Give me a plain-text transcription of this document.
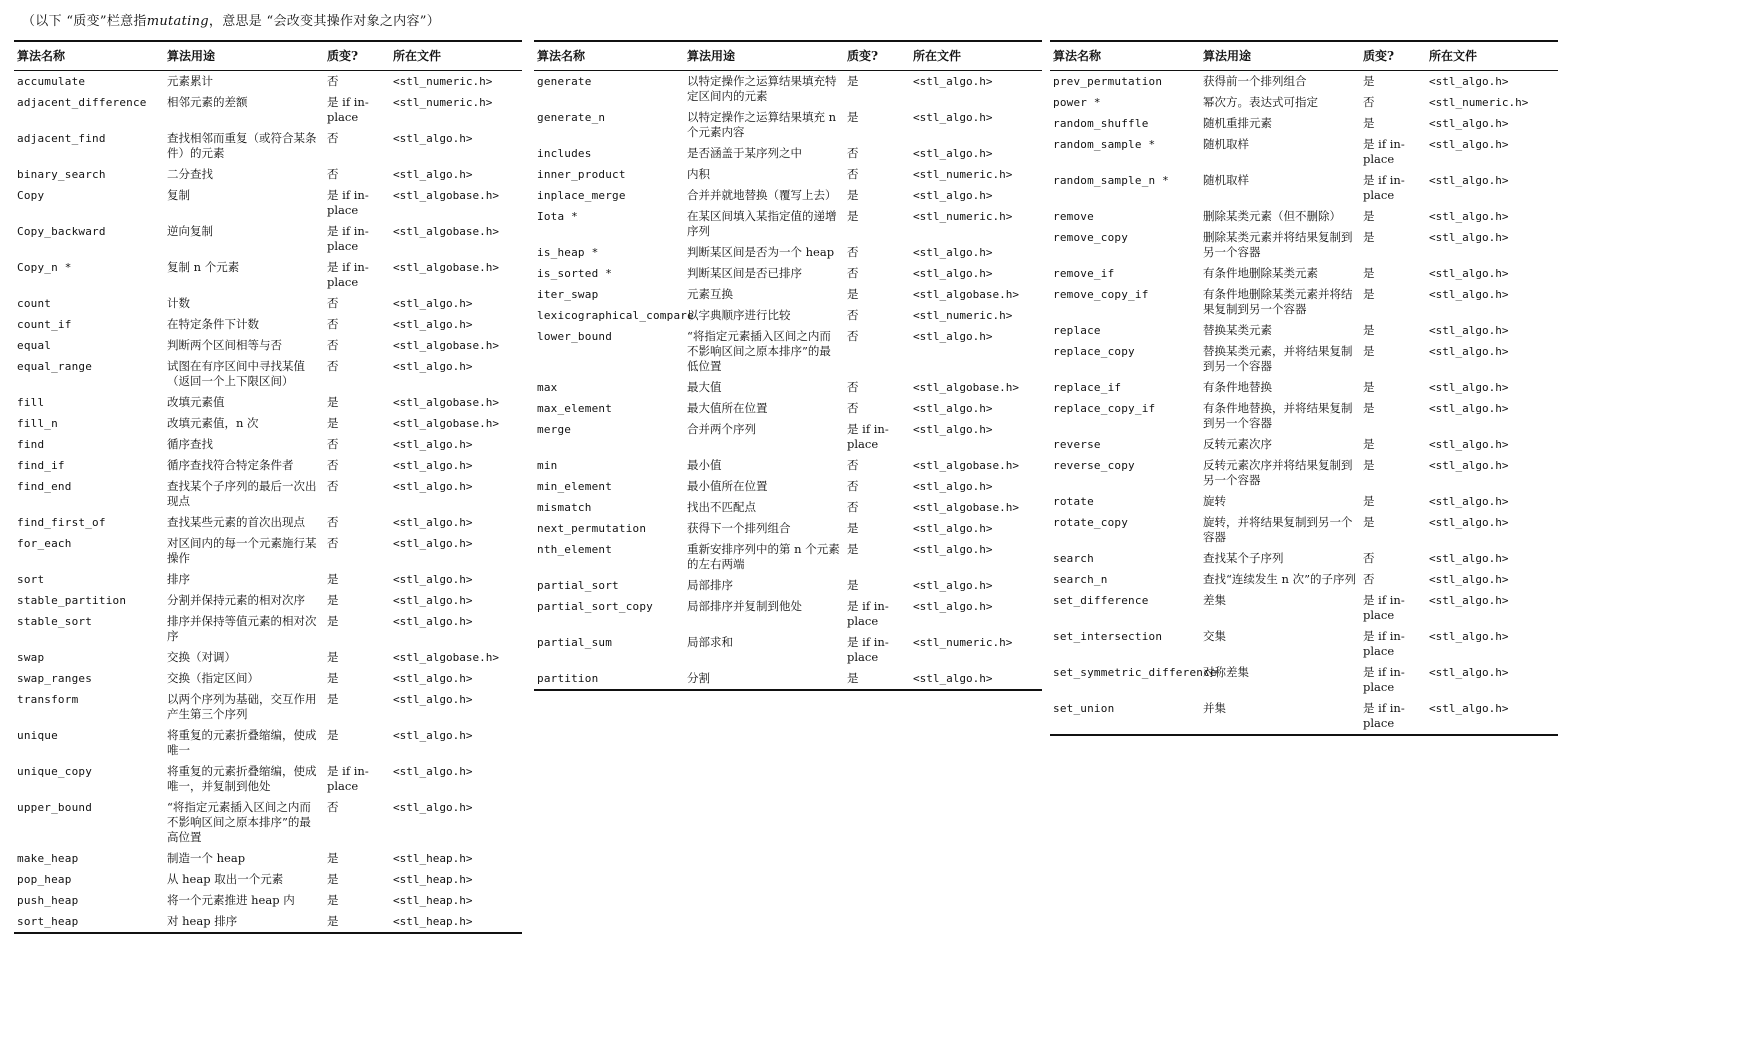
（以下 “质变”栏意指mutating，意思是 “会改变其操作对象之内容”）
算法名称	算法用途	质变?	所在文件
accumulate	元素累计	否	<stl_numeric.h>
adjacent_difference	相邻元素的差额	是 if in-place	<stl_numeric.h>
adjacent_find	查找相邻而重复（或符合某条件）的元素	否	<stl_algo.h>
binary_search	二分查找	否	<stl_algo.h>
Copy	复制	是 if in-place	<stl_algobase.h>
Copy_backward	逆向复制	是 if in-place	<stl_algobase.h>
Copy_n *	复制 n 个元素	是 if in-place	<stl_algobase.h>
count	计数	否	<stl_algo.h>
count_if	在特定条件下计数	否	<stl_algo.h>
equal	判断两个区间相等与否	否	<stl_algobase.h>
equal_range	试图在有序区间中寻找某值（返回一个上下限区间）	否	<stl_algo.h>
fill	改填元素值	是	<stl_algobase.h>
fill_n	改填元素值，n 次	是	<stl_algobase.h>
find	循序查找	否	<stl_algo.h>
find_if	循序查找符合特定条件者	否	<stl_algo.h>
find_end	查找某个子序列的最后一次出现点	否	<stl_algo.h>
find_first_of	查找某些元素的首次出现点	否	<stl_algo.h>
for_each	对区间内的每一个元素施行某操作	否	<stl_algo.h>
sort	排序	是	<stl_algo.h>
stable_partition	分割并保持元素的相对次序	是	<stl_algo.h>
stable_sort	排序并保持等值元素的相对次序	是	<stl_algo.h>
swap	交换（对调）	是	<stl_algobase.h>
swap_ranges	交换（指定区间）	是	<stl_algo.h>
transform	以两个序列为基础，交互作用产生第三个序列	是	<stl_algo.h>
unique	将重复的元素折叠缩编，使成唯一	是	<stl_algo.h>
unique_copy	将重复的元素折叠缩编，使成唯一，并复制到他处	是 if in-place	<stl_algo.h>
upper_bound	“将指定元素插入区间之内而不影响区间之原本排序”的最高位置	否	<stl_algo.h>
make_heap	制造一个 heap	是	<stl_heap.h>
pop_heap	从 heap 取出一个元素	是	<stl_heap.h>
push_heap	将一个元素推进 heap 内	是	<stl_heap.h>
sort_heap	对 heap 排序	是	<stl_heap.h>
算法名称	算法用途	质变?	所在文件
generate	以特定操作之运算结果填充特定区间内的元素	是	<stl_algo.h>
generate_n	以特定操作之运算结果填充 n 个元素内容	是	<stl_algo.h>
includes	是否涵盖于某序列之中	否	<stl_algo.h>
inner_product	内积	否	<stl_numeric.h>
inplace_merge	合并并就地替换（覆写上去）	是	<stl_algo.h>
Iota *	在某区间填入某指定值的递增序列	是	<stl_numeric.h>
is_heap *	判断某区间是否为一个 heap	否	<stl_algo.h>
is_sorted *	判断某区间是否已排序	否	<stl_algo.h>
iter_swap	元素互换	是	<stl_algobase.h>
lexicographical_compare	以字典顺序进行比较	否	<stl_numeric.h>
lower_bound	“将指定元素插入区间之内而不影响区间之原本排序”的最低位置	否	<stl_algo.h>
max	最大值	否	<stl_algobase.h>
max_element	最大值所在位置	否	<stl_algo.h>
merge	合并两个序列	是 if in-place	<stl_algo.h>
min	最小值	否	<stl_algobase.h>
min_element	最小值所在位置	否	<stl_algo.h>
mismatch	找出不匹配点	否	<stl_algobase.h>
next_permutation	获得下一个排列组合	是	<stl_algo.h>
nth_element	重新安排序列中的第 n 个元素的左右两端	是	<stl_algo.h>
partial_sort	局部排序	是	<stl_algo.h>
partial_sort_copy	局部排序并复制到他处	是 if in-place	<stl_algo.h>
partial_sum	局部求和	是 if in-place	<stl_numeric.h>
partition	分割	是	<stl_algo.h>
算法名称	算法用途	质变?	所在文件
prev_permutation	获得前一个排列组合	是	<stl_algo.h>
power *	幂次方。表达式可指定	否	<stl_numeric.h>
random_shuffle	随机重排元素	是	<stl_algo.h>
random_sample *	随机取样	是 if in-place	<stl_algo.h>
random_sample_n *	随机取样	是 if in-place	<stl_algo.h>
remove	删除某类元素（但不删除）	是	<stl_algo.h>
remove_copy	删除某类元素并将结果复制到另一个容器	是	<stl_algo.h>
remove_if	有条件地删除某类元素	是	<stl_algo.h>
remove_copy_if	有条件地删除某类元素并将结果复制到另一个容器	是	<stl_algo.h>
replace	替换某类元素	是	<stl_algo.h>
replace_copy	替换某类元素，并将结果复制到另一个容器	是	<stl_algo.h>
replace_if	有条件地替换	是	<stl_algo.h>
replace_copy_if	有条件地替换，并将结果复制到另一个容器	是	<stl_algo.h>
reverse	反转元素次序	是	<stl_algo.h>
reverse_copy	反转元素次序并将结果复制到另一个容器	是	<stl_algo.h>
rotate	旋转	是	<stl_algo.h>
rotate_copy	旋转，并将结果复制到另一个容器	是	<stl_algo.h>
search	查找某个子序列	否	<stl_algo.h>
search_n	查找“连续发生 n 次”的子序列	否	<stl_algo.h>
set_difference	差集	是 if in-place	<stl_algo.h>
set_intersection	交集	是 if in-place	<stl_algo.h>
set_symmetric_difference	对称差集	是 if in-place	<stl_algo.h>
set_union	并集	是 if in-place	<stl_algo.h>
